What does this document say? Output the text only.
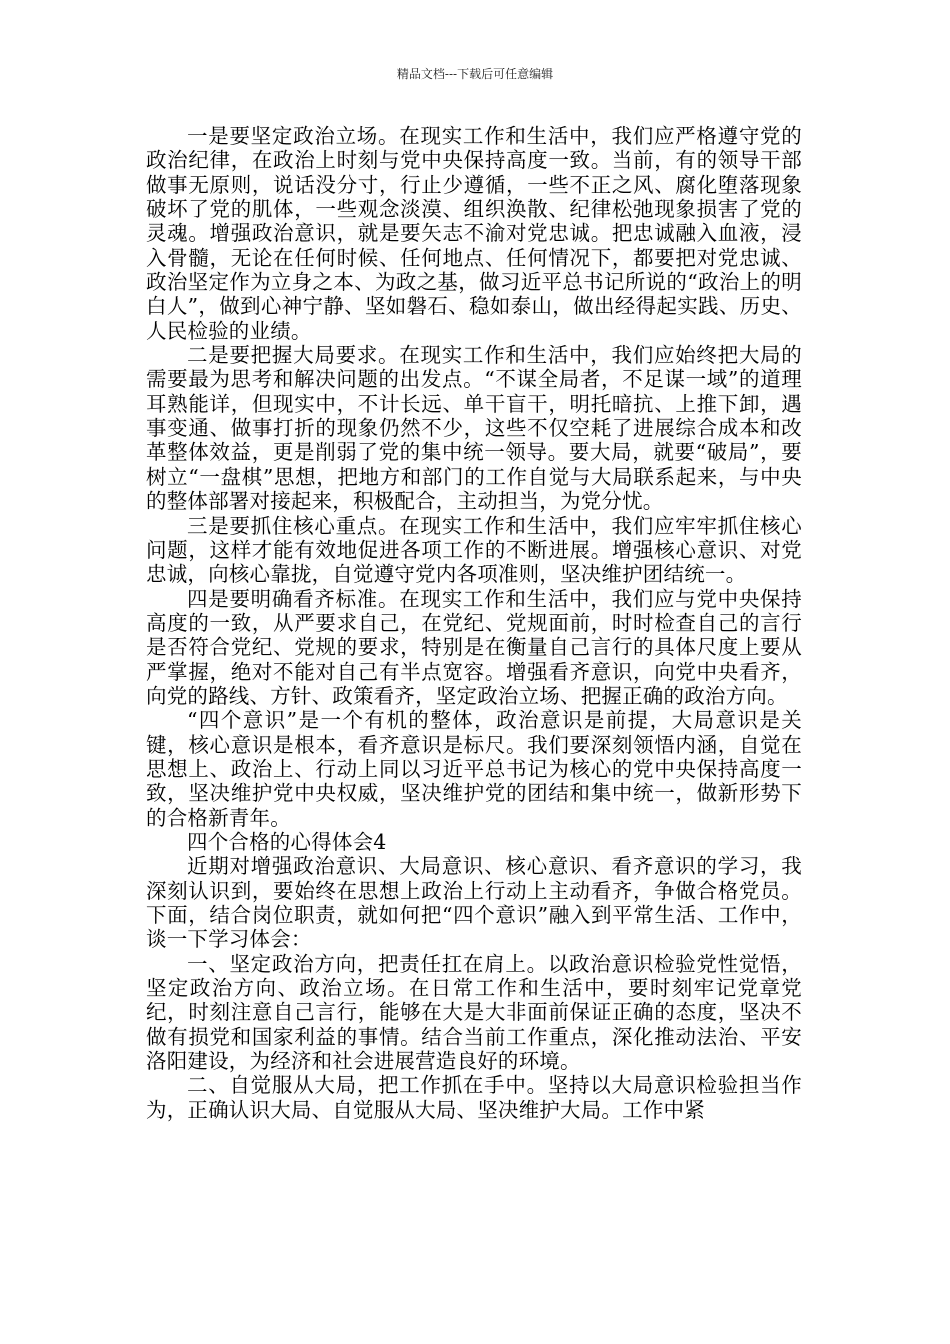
精品文档---下载后可任意编辑

一是要坚定政治立场。在现实工作和生活中，我们应严格遵守党的政治纪律，在政治上时刻与党中央保持高度一致。当前，有的领导干部做事无原则，说话没分寸，行止少遵循，一些不正之风、腐化堕落现象破坏了党的肌体，一些观念淡漠、组织涣散、纪律松弛现象损害了党的灵魂。增强政治意识，就是要矢志不渝对党忠诚。把忠诚融入血液，浸入骨髓，无论在任何时候、任何地点、任何情况下，都要把对党忠诚、政治坚定作为立身之本、为政之基，做习近平总书记所说的“政治上的明白人”，做到心神宁静、坚如磐石、稳如泰山，做出经得起实践、历史、人民检验的业绩。

二是要把握大局要求。在现实工作和生活中，我们应始终把大局的需要最为思考和解决问题的出发点。“不谋全局者，不足谋一域”的道理耳熟能详，但现实中，不计长远、单干盲干，明托暗抗、上推下卸，遇事变通、做事打折的现象仍然不少，这些不仅空耗了进展综合成本和改革整体效益，更是削弱了党的集中统一领导。要大局，就要“破局”，要树立“一盘棋”思想，把地方和部门的工作自觉与大局联系起来，与中央的整体部署对接起来，积极配合，主动担当，为党分忧。

三是要抓住核心重点。在现实工作和生活中，我们应牢牢抓住核心问题，这样才能有效地促进各项工作的不断进展。增强核心意识、对党忠诚，向核心靠拢，自觉遵守党内各项准则，坚决维护团结统一。

四是要明确看齐标准。在现实工作和生活中，我们应与党中央保持高度的一致，从严要求自己，在党纪、党规面前，时时检查自己的言行是否符合党纪、党规的要求，特别是在衡量自己言行的具体尺度上要从严掌握，绝对不能对自己有半点宽容。增强看齐意识，向党中央看齐，向党的路线、方针、政策看齐，坚定政治立场、把握正确的政治方向。

“四个意识”是一个有机的整体，政治意识是前提，大局意识是关键，核心意识是根本，看齐意识是标尺。我们要深刻领悟内涵，自觉在思想上、政治上、行动上同以习近平总书记为核心的党中央保持高度一致，坚决维护党中央权威，坚决维护党的团结和集中统一，做新形势下的合格新青年。

四个合格的心得体会4

近期对增强政治意识、大局意识、核心意识、看齐意识的学习，我深刻认识到，要始终在思想上政治上行动上主动看齐，争做合格党员。下面，结合岗位职责，就如何把“四个意识”融入到平常生活、工作中，谈一下学习体会：

一、坚定政治方向，把责任扛在肩上。以政治意识检验党性觉悟，坚定政治方向、政治立场。在日常工作和生活中，要时刻牢记党章党纪，时刻注意自己言行，能够在大是大非面前保证正确的态度，坚决不做有损党和国家利益的事情。结合当前工作重点，深化推动法治、平安洛阳建设，为经济和社会进展营造良好的环境。

二、自觉服从大局，把工作抓在手中。坚持以大局意识检验担当作为，正确认识大局、自觉服从大局、坚决维护大局。工作中紧
